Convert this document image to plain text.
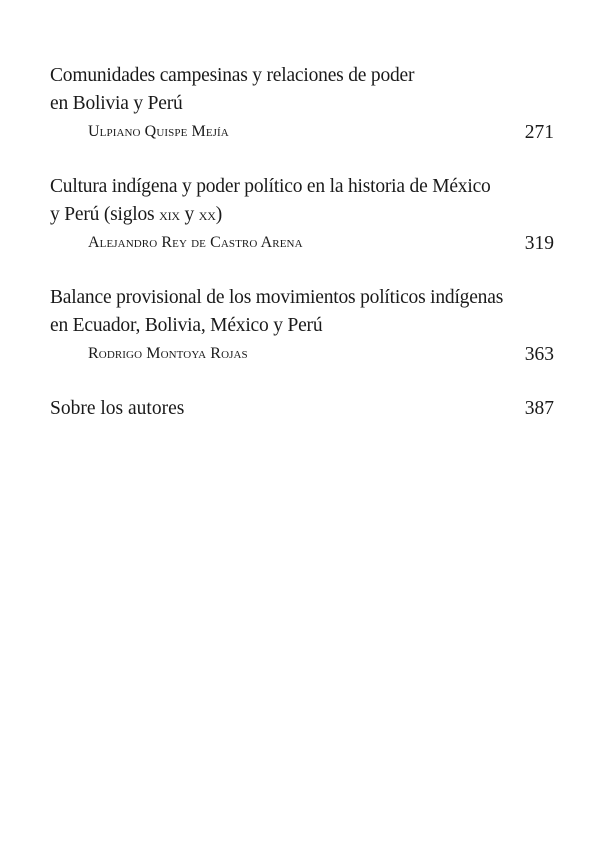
Comunidades campesinas y relaciones de poder
en Bolivia y Perú
Ulpiano Quispe Mejía	271
Cultura indígena y poder político en la historia de México
y Perú (siglos xix y xx)
Alejandro Rey de Castro Arena	319
Balance provisional de los movimientos políticos indígenas
en Ecuador, Bolivia, México y Perú
Rodrigo Montoya Rojas	363
Sobre los autores	387
